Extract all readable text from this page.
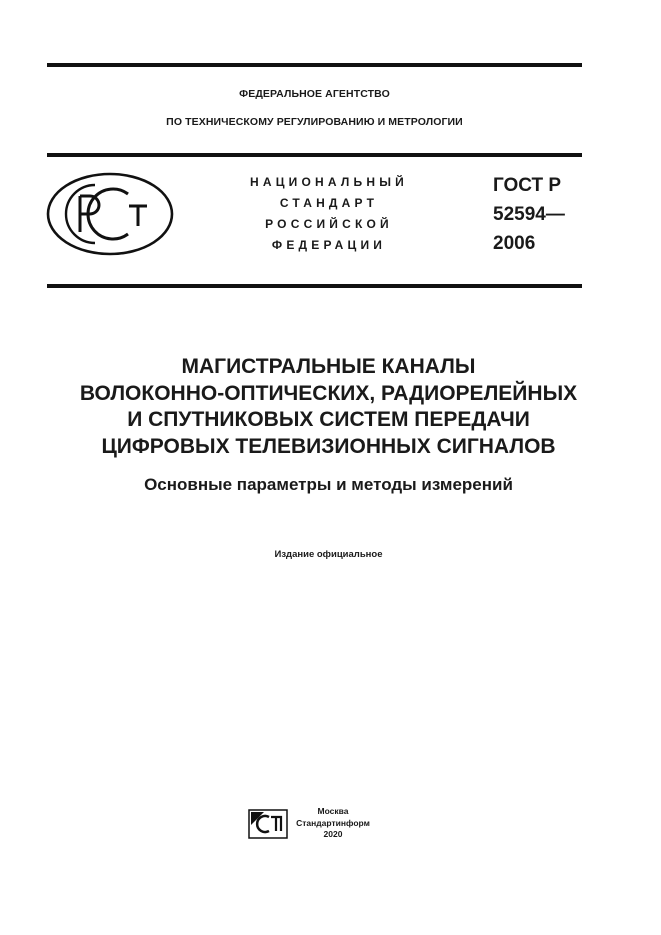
ФЕДЕРАЛЬНОЕ АГЕНТСТВО
ПО ТЕХНИЧЕСКОМУ РЕГУЛИРОВАНИЮ И МЕТРОЛОГИИ
НАЦИОНАЛЬНЫЙ
СТАНДАРТ
РОССИЙСКОЙ
ФЕДЕРАЦИИ
ГОСТ Р
52594—
2006
МАГИСТРАЛЬНЫЕ КАНАЛЫ
ВОЛОКОННО-ОПТИЧЕСКИХ, РАДИОРЕЛЕЙНЫХ
И СПУТНИКОВЫХ СИСТЕМ ПЕРЕДАЧИ
ЦИФРОВЫХ ТЕЛЕВИЗИОННЫХ СИГНАЛОВ
Основные параметры и методы измерений
Издание официальное
Москва
Стандартинформ
2020
